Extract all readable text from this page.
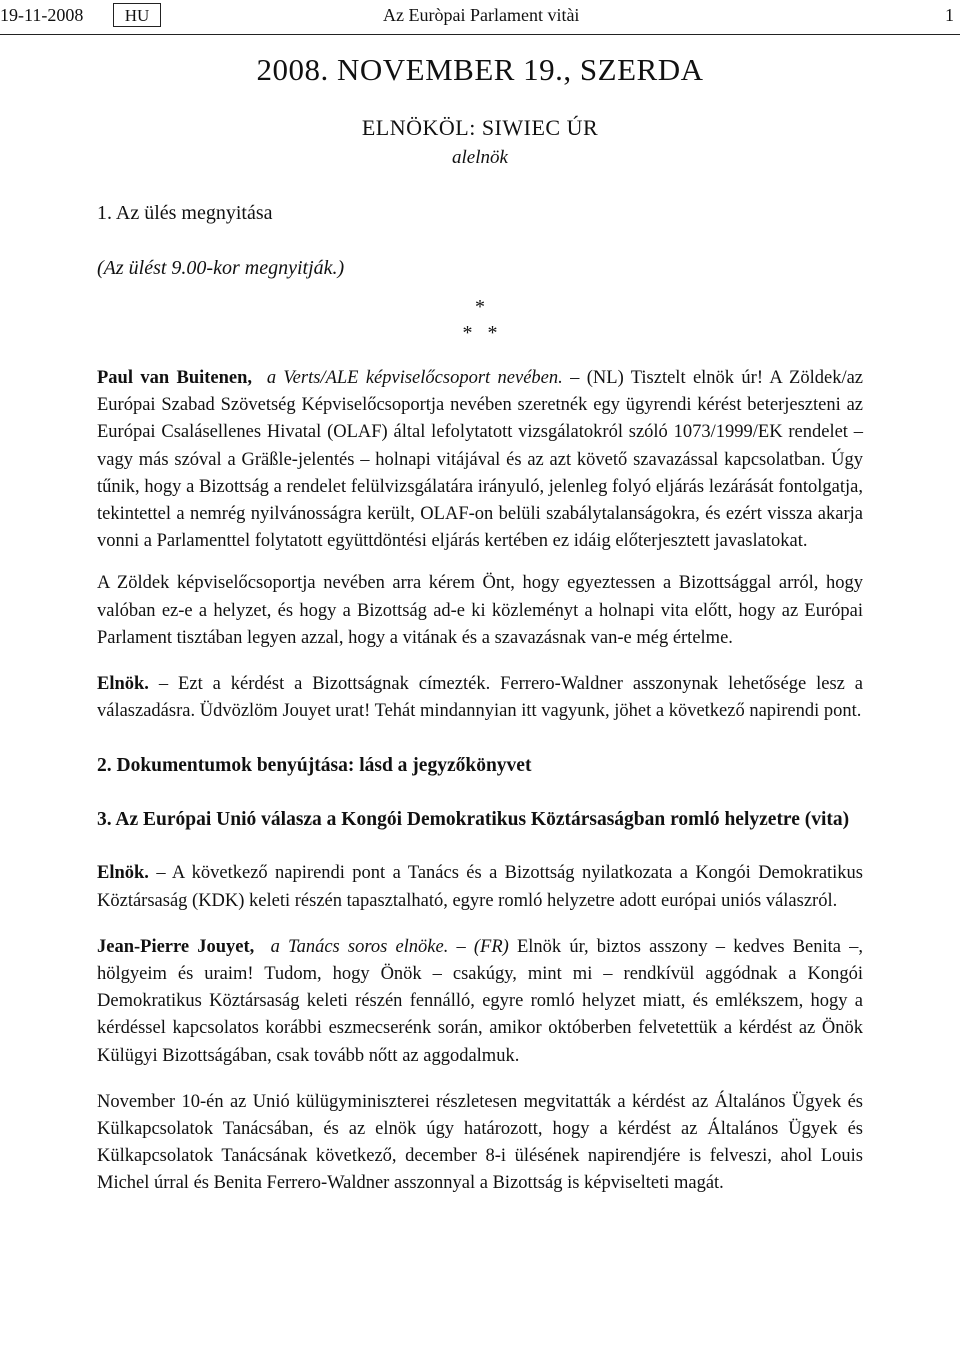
19-11-2008	HU	Az Euròpai Parlament vitài	1
2008. NOVEMBER 19., SZERDA
ELNÖKÖL: SIWIEC ÚR
alelnök
1. Az ülés megnyitása
(Az ülést 9.00-kor megnyitják.)
*
*   *

Paul van Buitenen, a Verts/ALE képviselőcsoport nevében. – (NL) Tisztelt elnök úr! A Zöldek/az Európai Szabad Szövetség Képviselőcsoportja nevében szeretnék egy ügyrendi kérést beterjeszteni az Európai Csalásellenes Hivatal (OLAF) által lefolytatott vizsgálatokról szóló 1073/1999/EK rendelet – vagy más szóval a Gräßle-jelentés – holnapi vitájával és az azt követő szavazással kapcsolatban. Úgy tűnik, hogy a Bizottság a rendelet felülvizsgálatára irányuló, jelenleg folyó eljárás lezárását fontolgatja, tekintettel a nemrég nyilvánosságra került, OLAF-on belüli szabálytalanságokra, és ezért vissza akarja vonni a Parlamenttel folytatott együttdöntési eljárás kertében ez idáig előterjesztett javaslatokat.

A Zöldek képviselőcsoportja nevében arra kérem Önt, hogy egyeztessen a Bizottsággal arról, hogy valóban ez-e a helyzet, és hogy a Bizottság ad-e ki közleményt a holnapi vita előtt, hogy az Európai Parlament tisztában legyen azzal, hogy a vitának és a szavazásnak van-e még értelme.

Elnök. – Ezt a kérdést a Bizottságnak címezték. Ferrero-Waldner asszonynak lehetősége lesz a válaszadásra. Üdvözlöm Jouyet urat! Tehát mindannyian itt vagyunk, jöhet a következő napirendi pont.

2. Dokumentumok benyújtása: lásd a jegyzőkönyvet
3. Az Európai Unió válasza a Kongói Demokratikus Köztársaságban romló helyzetre (vita)

Elnök. – A következő napirendi pont a Tanács és a Bizottság nyilatkozata a Kongói Demokratikus Köztársaság (KDK) keleti részén tapasztalható, egyre romló helyzetre adott európai uniós válaszról.

Jean-Pierre Jouyet, a Tanács soros elnöke. – (FR) Elnök úr, biztos asszony – kedves Benita –, hölgyeim és uraim! Tudom, hogy Önök – csakúgy, mint mi – rendkívül aggódnak a Kongói Demokratikus Köztársaság keleti részén fennálló, egyre romló helyzet miatt, és emlékszem, hogy a kérdéssel kapcsolatos korábbi eszmecserénk során, amikor októberben felvetettük a kérdést az Önök Külügyi Bizottságában, csak tovább nőtt az aggodalmuk.

November 10-én az Unió külügyminiszterei részletesen megvitatták a kérdést az Általános Ügyek és Külkapcsolatok Tanácsában, és az elnök úgy határozott, hogy a kérdést az Általános Ügyek és Külkapcsolatok Tanácsának következő, december 8-i ülésének napirendjére is felveszi, ahol Louis Michel úrral és Benita Ferrero-Waldner asszonnyal a Bizottság is képviselteti magát.
